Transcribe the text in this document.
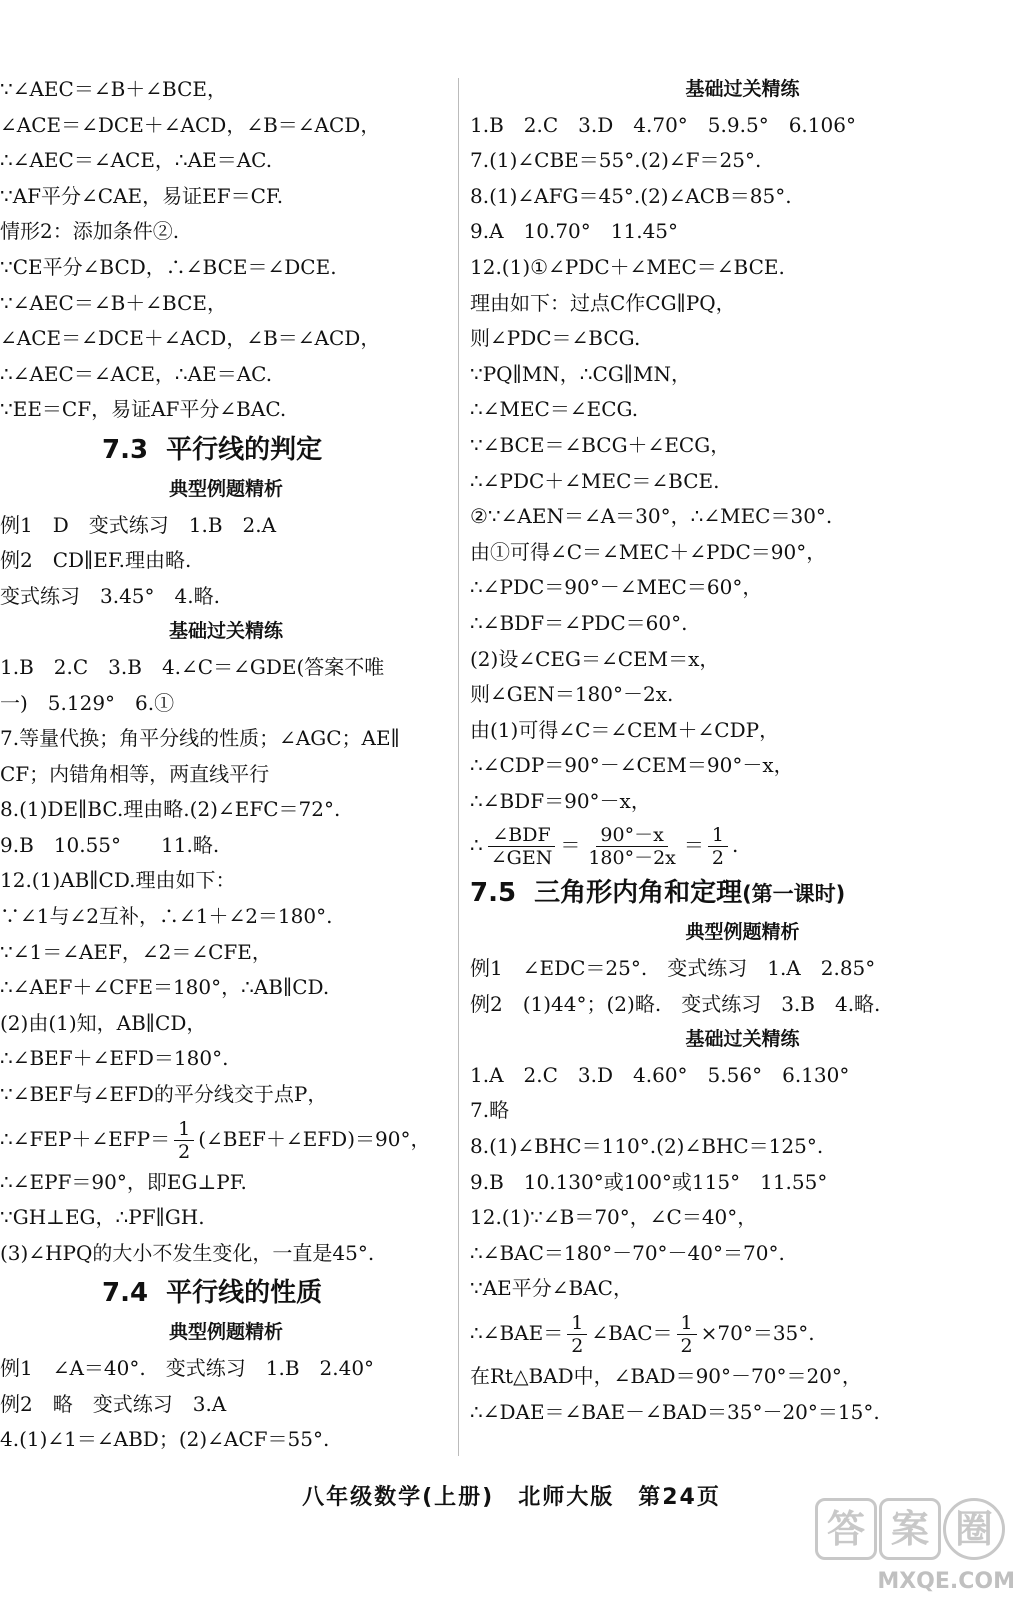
∵∠AEC＝∠B＋∠BCE，
∠ACE＝∠DCE＋∠ACD，∠B＝∠ACD，
∴∠AEC＝∠ACE，∴AE＝AC.
∵AF平分∠CAE，易证EF＝CF.
情形2：添加条件②.
∵CE平分∠BCD，∴∠BCE＝∠DCE.
∵∠AEC＝∠B＋∠BCE，
∠ACE＝∠DCE＋∠ACD，∠B＝∠ACD，
∴∠AEC＝∠ACE，∴AE＝AC.
∵EE＝CF，易证AF平分∠BAC.
7.3 平行线的判定
典型例题精析
例1　D　变式练习　1.B　2.A
例2　CD∥EF.理由略.
变式练习　3.45°　4.略.
基础过关精练
1.B　2.C　3.B　4.∠C＝∠GDE(答案不唯
一)　5.129°　6.①
7.等量代换；角平分线的性质；∠AGC；AE∥
CF；内错角相等，两直线平行
8.(1)DE∥BC.理由略.(2)∠EFC＝72°.
9.B　10.55°　　11.略.
12.(1)AB∥CD.理由如下：
∵∠1与∠2互补，∴∠1＋∠2＝180°.
∵∠1＝∠AEF，∠2＝∠CFE，
∴∠AEF＋∠CFE＝180°，∴AB∥CD.
(2)由(1)知，AB∥CD，
∴∠BEF＋∠EFD＝180°.
∵∠BEF与∠EFD的平分线交于点P，
∴∠FEP＋∠EFP＝ $\frac{1}{2}$ (∠BEF＋∠EFD)＝90°，
∴∠EPF＝90°，即EG⊥PF.
∵GH⊥EG，∴PF∥GH.
(3)∠HPQ的大小不发生变化，一直是45°.
7.4 平行线的性质
典型例题精析
例1　∠A＝40°.　变式练习　1.B　2.40°
例2　略　变式练习　3.A
4.(1)∠1＝∠ABD；(2)∠ACF＝55°.
基础过关精练
1.B　2.C　3.D　4.70°　5.9.5°　6.106°
7.(1)∠CBE＝55°.(2)∠F＝25°.
8.(1)∠AFG＝45°.(2)∠ACB＝85°.
9.A　10.70°　11.45°
12.(1)①∠PDC＋∠MEC＝∠BCE.
理由如下：过点C作CG∥PQ，
则∠PDC＝∠BCG.
∵PQ∥MN，∴CG∥MN，
∴∠MEC＝∠ECG.
∵∠BCE＝∠BCG＋∠ECG，
∴∠PDC＋∠MEC＝∠BCE.
②∵∠AEN＝∠A＝30°，∴∠MEC＝30°.
由①可得∠C＝∠MEC＋∠PDC＝90°，
∴∠PDC＝90°－∠MEC＝60°，
∴∠BDF＝∠PDC＝60°.
(2)设∠CEG＝∠CEM＝x，
则∠GEN＝180°－2x.
由(1)可得∠C＝∠CEM＋∠CDP，
∴∠CDP＝90°－∠CEM＝90°－x，
∴∠BDF＝90°－x，
∴ $\frac{\text{∠BDF}}{\text{∠GEN}} = \frac{90^\circ-x}{180^\circ-2x} = \frac{1}{2}$ .
7.5 三角形内角和定理(第一课时)
典型例题精析
例1　∠EDC＝25°.　变式练习　1.A　2.85°
例2　(1)44°；(2)略.　变式练习　3.B　4.略.
基础过关精练
1.A　2.C　3.D　4.60°　5.56°　6.130°
7.略
8.(1)∠BHC＝110°.(2)∠BHC＝125°.
9.B　10.130°或100°或115°　11.55°
12.(1)∵∠B＝70°，∠C＝40°，
∴∠BAC＝180°－70°－40°＝70°.
∵AE平分∠BAC，
∴∠BAE＝ $\frac{1}{2}$ ∠BAC＝ $\frac{1}{2} \times 70^\circ=35^\circ$.
在Rt△BAD中，∠BAD＝90°－70°＝20°，
∴∠DAE＝∠BAE－∠BAD＝35°－20°＝15°.
八年级数学(上册)　北师大版　第24页
答 案 圈
MXQE.COM
